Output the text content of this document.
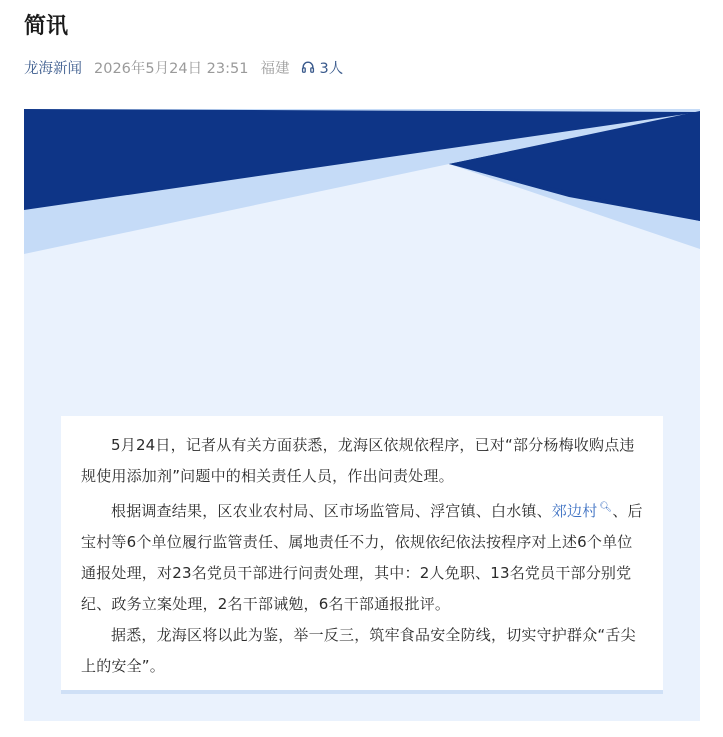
简讯
龙海新闻 2026年5月24日 23:51 福建 3人

5月24日，记者从有关方面获悉，龙海区依规依程序，已对“部分杨梅收购点违规使用添加剂”问题中的相关责任人员，作出问责处理。

根据调查结果，区农业农村局、区市场监管局、浮宫镇、白水镇、郊边村 🔍︎、后宝村等6个单位履行监管责任、属地责任不力，依规依纪依法按程序对上述6个单位通报处理，对23名党员干部进行问责处理，其中：2人免职、13名党员干部分别党纪、政务立案处理，2名干部诫勉，6名干部通报批评。

据悉，龙海区将以此为鉴，举一反三，筑牢食品安全防线，切实守护群众“舌尖上的安全”。
